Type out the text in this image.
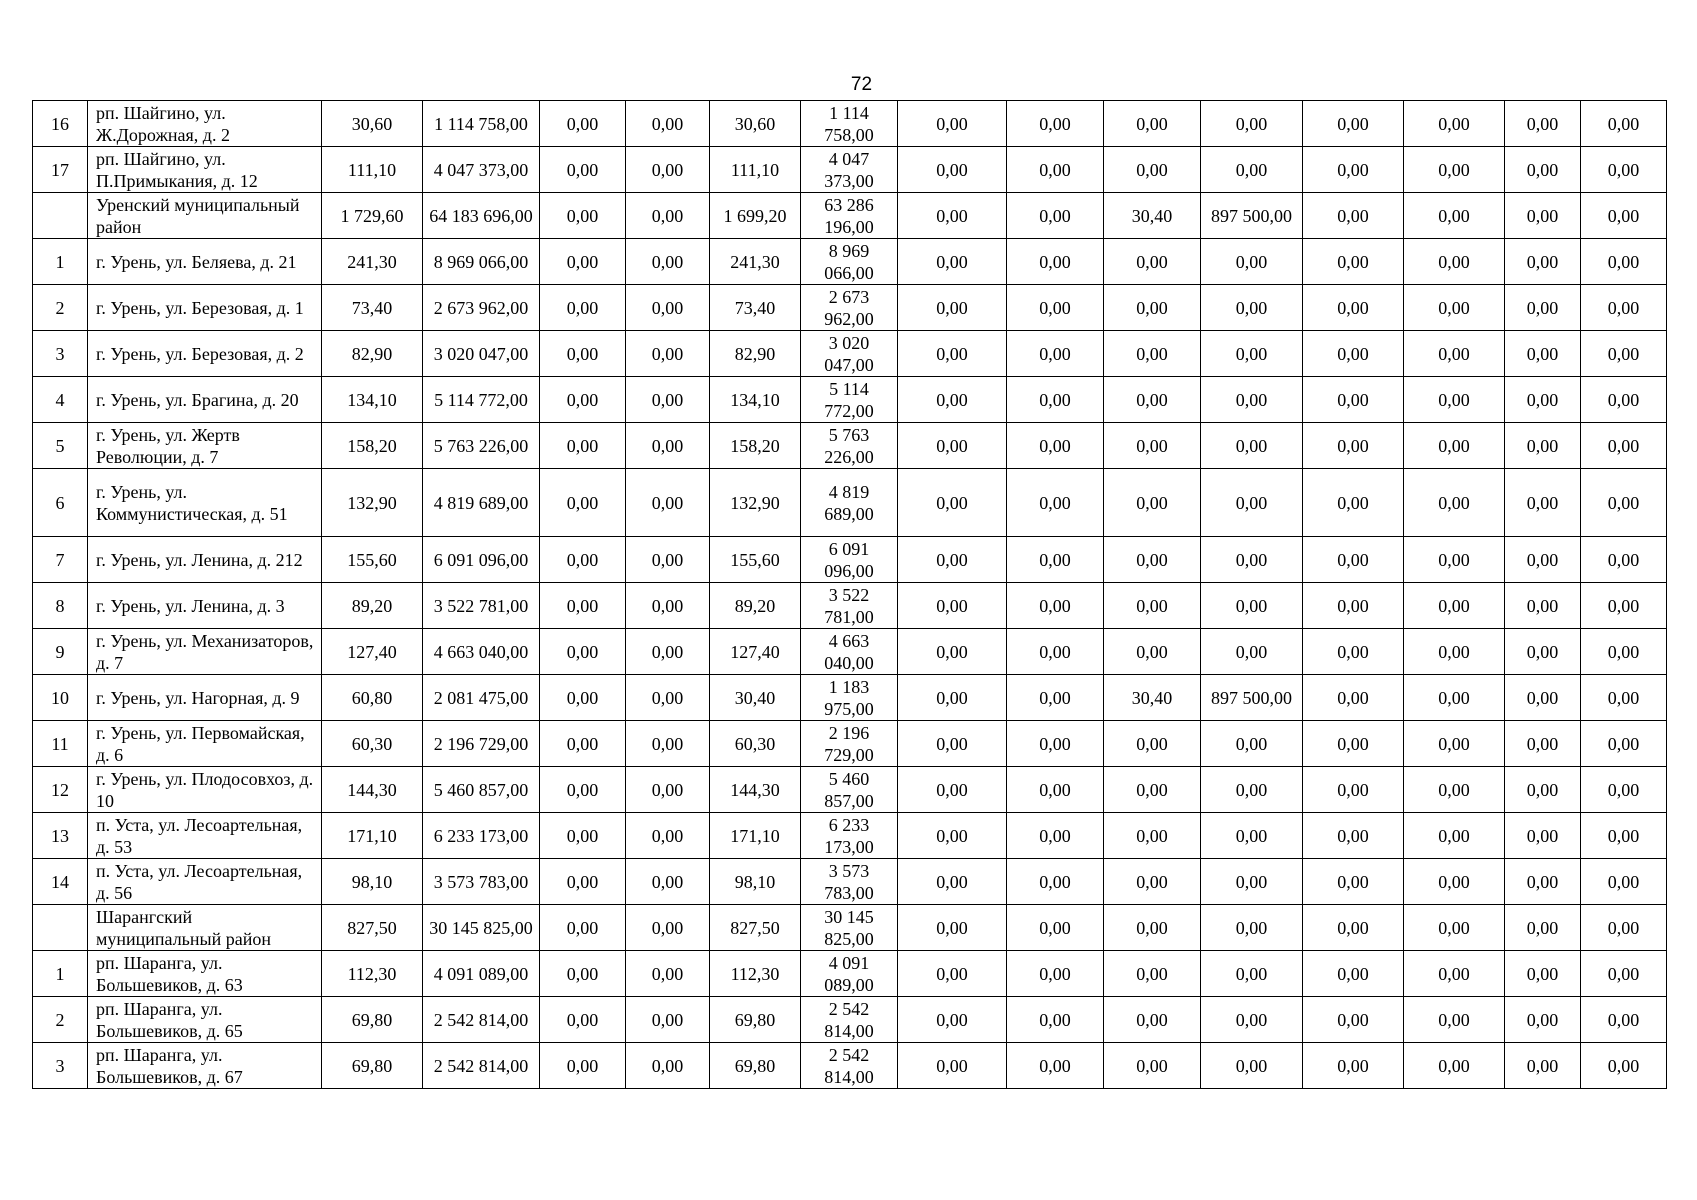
72
16	рп. Шайгино, ул. Ж.Дорожная, д. 2	30,60	1 114 758,00	0,00	0,00	30,60	1 114 758,00	0,00	0,00	0,00	0,00	0,00	0,00	0,00	0,00
17	рп. Шайгино, ул. П.Примыкания, д. 12	111,10	4 047 373,00	0,00	0,00	111,10	4 047 373,00	0,00	0,00	0,00	0,00	0,00	0,00	0,00	0,00
	Уренский муниципальный район	1 729,60	64 183 696,00	0,00	0,00	1 699,20	63 286 196,00	0,00	0,00	30,40	897 500,00	0,00	0,00	0,00	0,00
1	г. Урень, ул. Беляева, д. 21	241,30	8 969 066,00	0,00	0,00	241,30	8 969 066,00	0,00	0,00	0,00	0,00	0,00	0,00	0,00	0,00
2	г. Урень, ул. Березовая, д. 1	73,40	2 673 962,00	0,00	0,00	73,40	2 673 962,00	0,00	0,00	0,00	0,00	0,00	0,00	0,00	0,00
3	г. Урень, ул. Березовая, д. 2	82,90	3 020 047,00	0,00	0,00	82,90	3 020 047,00	0,00	0,00	0,00	0,00	0,00	0,00	0,00	0,00
4	г. Урень, ул. Брагина, д. 20	134,10	5 114 772,00	0,00	0,00	134,10	5 114 772,00	0,00	0,00	0,00	0,00	0,00	0,00	0,00	0,00
5	г. Урень, ул. Жертв Революции, д. 7	158,20	5 763 226,00	0,00	0,00	158,20	5 763 226,00	0,00	0,00	0,00	0,00	0,00	0,00	0,00	0,00
6	г. Урень, ул. Коммунистическая, д. 51	132,90	4 819 689,00	0,00	0,00	132,90	4 819 689,00	0,00	0,00	0,00	0,00	0,00	0,00	0,00	0,00
7	г. Урень, ул. Ленина, д. 212	155,60	6 091 096,00	0,00	0,00	155,60	6 091 096,00	0,00	0,00	0,00	0,00	0,00	0,00	0,00	0,00
8	г. Урень, ул. Ленина, д. 3	89,20	3 522 781,00	0,00	0,00	89,20	3 522 781,00	0,00	0,00	0,00	0,00	0,00	0,00	0,00	0,00
9	г. Урень, ул. Механизаторов, д. 7	127,40	4 663 040,00	0,00	0,00	127,40	4 663 040,00	0,00	0,00	0,00	0,00	0,00	0,00	0,00	0,00
10	г. Урень, ул. Нагорная, д. 9	60,80	2 081 475,00	0,00	0,00	30,40	1 183 975,00	0,00	0,00	30,40	897 500,00	0,00	0,00	0,00	0,00
11	г. Урень, ул. Первомайская, д. 6	60,30	2 196 729,00	0,00	0,00	60,30	2 196 729,00	0,00	0,00	0,00	0,00	0,00	0,00	0,00	0,00
12	г. Урень, ул. Плодосовхоз, д. 10	144,30	5 460 857,00	0,00	0,00	144,30	5 460 857,00	0,00	0,00	0,00	0,00	0,00	0,00	0,00	0,00
13	п. Уста, ул. Лесоартельная, д. 53	171,10	6 233 173,00	0,00	0,00	171,10	6 233 173,00	0,00	0,00	0,00	0,00	0,00	0,00	0,00	0,00
14	п. Уста, ул. Лесоартельная, д. 56	98,10	3 573 783,00	0,00	0,00	98,10	3 573 783,00	0,00	0,00	0,00	0,00	0,00	0,00	0,00	0,00
	Шарангский муниципальный район	827,50	30 145 825,00	0,00	0,00	827,50	30 145 825,00	0,00	0,00	0,00	0,00	0,00	0,00	0,00	0,00
1	рп. Шаранга, ул. Большевиков, д. 63	112,30	4 091 089,00	0,00	0,00	112,30	4 091 089,00	0,00	0,00	0,00	0,00	0,00	0,00	0,00	0,00
2	рп. Шаранга, ул. Большевиков, д. 65	69,80	2 542 814,00	0,00	0,00	69,80	2 542 814,00	0,00	0,00	0,00	0,00	0,00	0,00	0,00	0,00
3	рп. Шаранга, ул. Большевиков, д. 67	69,80	2 542 814,00	0,00	0,00	69,80	2 542 814,00	0,00	0,00	0,00	0,00	0,00	0,00	0,00	0,00
